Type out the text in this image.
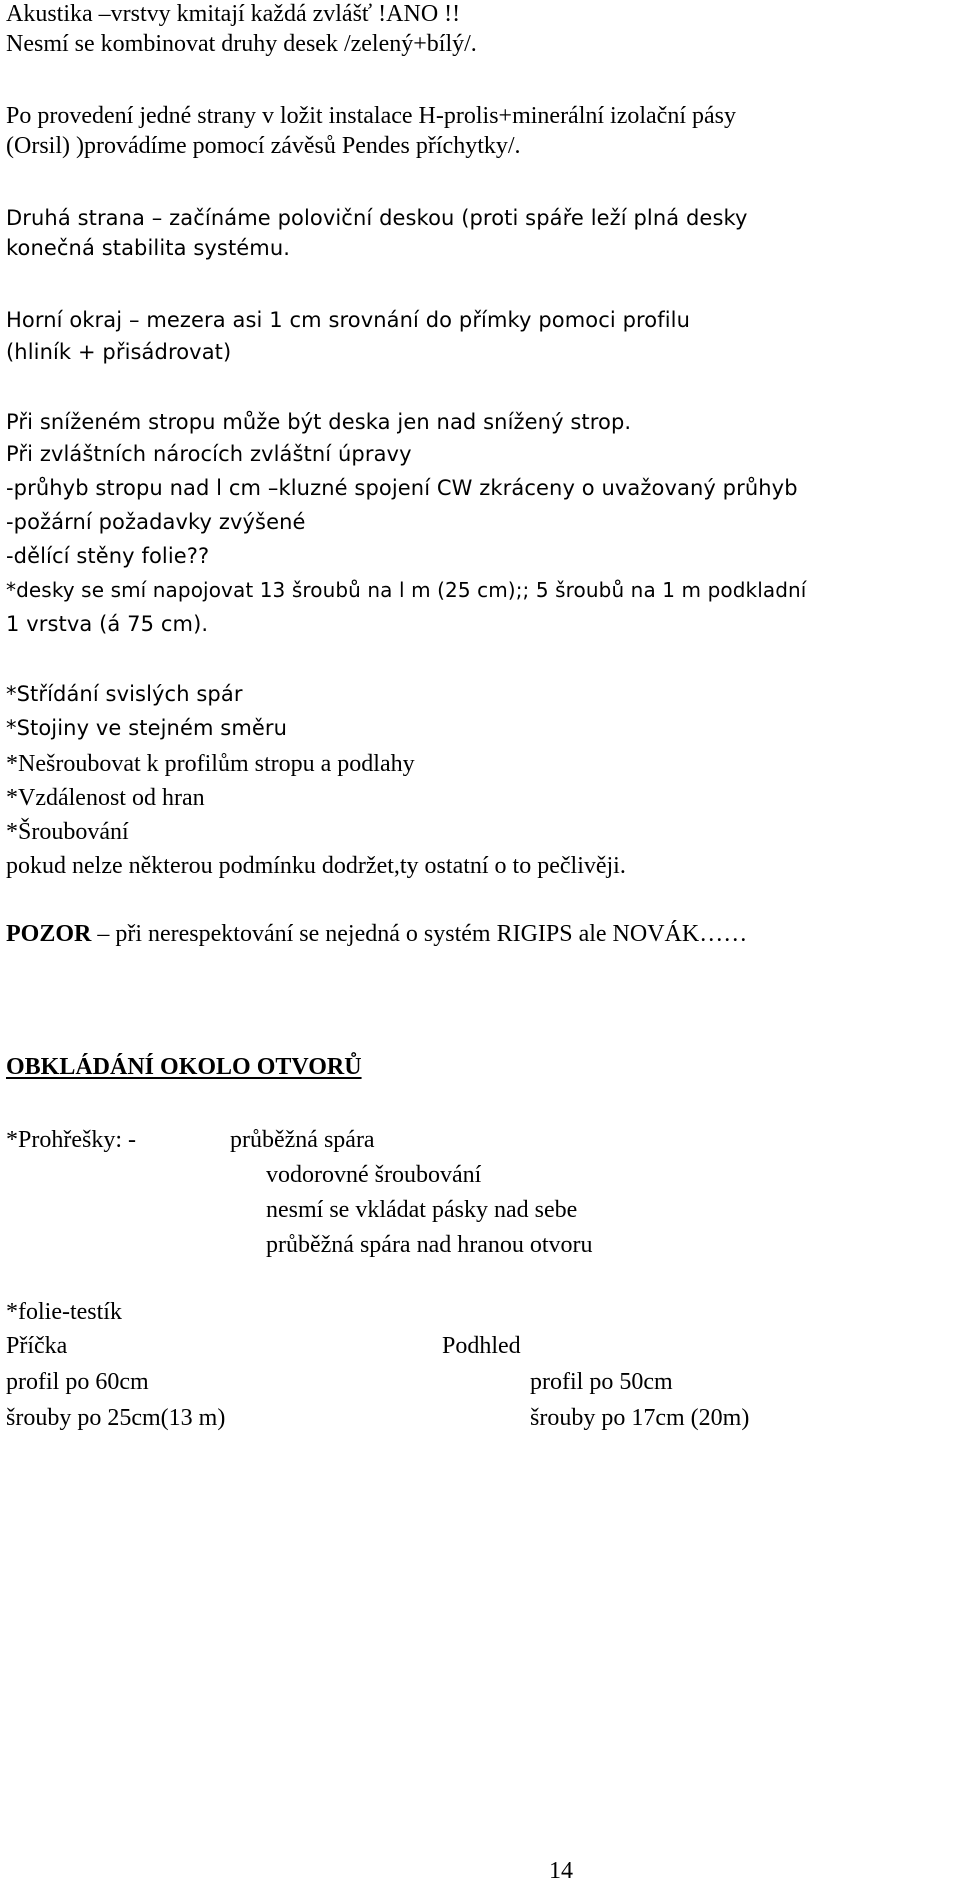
Akustika –vrstvy kmitají každá zvlášť !ANO !!
Nesmí se kombinovat druhy desek /zelený+bílý/.
Po provedení jedné strany v ložit instalace H-prolis+minerální izolační pásy
(Orsil) )provádíme pomocí závěsů Pendes příchytky/.
Druhá strana – začínáme poloviční deskou (proti spáře leží plná desky
konečná stabilita systému.
Horní okraj – mezera asi 1 cm srovnání do přímky pomoci profilu
(hliník + přisádrovat)
Při sníženém stropu může být deska jen nad snížený strop.
Při zvláštních nárocích zvláštní úpravy
-průhyb stropu nad l cm –kluzné spojení CW zkráceny o uvažovaný průhyb
-požární požadavky zvýšené
-dělící stěny folie??
*desky se smí napojovat 13 šroubů na l m (25 cm);; 5 šroubů na 1 m podkladní
1 vrstva (á 75 cm).
*Střídání svislých spár
*Stojiny ve stejném směru
*Nešroubovat k profilům stropu a podlahy
*Vzdálenost od hran
*Šroubování
pokud nelze některou podmínku dodržet,ty ostatní o to pečlivěji.
POZOR – při nerespektování se nejedná o systém RIGIPS ale NOVÁK……
OBKLÁDÁNÍ OKOLO OTVORŮ
*Prohřešky: -	průběžná spára
vodorovné šroubování
nesmí se vkládat pásky nad sebe
průběžná spára nad hranou otvoru
*folie-testík
Příčka	Podhled
profil po 60cm	profil po 50cm
šrouby po 25cm(13 m)	šrouby po 17cm (20m)
14
